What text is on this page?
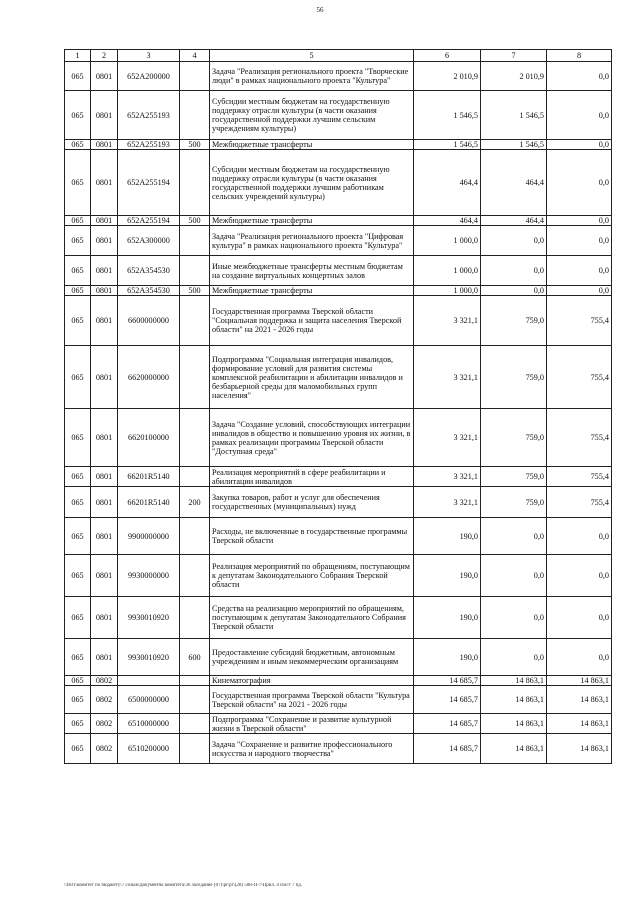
56
1	2	3	4	5	6	7	8
065	0801	652A200000		Задача "Реализация регионального проекта "Творческие люди" в рамках национального проекта "Культура"	2 010,9	2 010,9	0,0
065	0801	652A255193		Субсидии местным бюджетам на государственную поддержку отрасли культуры (в части оказания государственной поддержки лучшим сельским учреждениям культуры)	1 546,5	1 546,5	0,0
065	0801	652A255193	500	Межбюджетные трансферты	1 546,5	1 546,5	0,0
065	0801	652A255194		Субсидии местным бюджетам на государственную поддержку отрасли культуры (в части оказания государственной поддержки лучшим работникам сельских учреждений культуры)	464,4	464,4	0,0
065	0801	652A255194	500	Межбюджетные трансферты	464,4	464,4	0,0
065	0801	652A300000		Задача "Реализация регионального проекта "Цифровая культура" в рамках национального проекта "Культура"	1 000,0	0,0	0,0
065	0801	652A354530		Иные межбюджетные трансферты местным бюджетам на создание виртуальных концертных залов	1 000,0	0,0	0,0
065	0801	652A354530	500	Межбюджетные трансферты	1 000,0	0,0	0,0
065	0801	6600000000		Государственная программа Тверской области "Социальная поддержка и защита населения Тверской области" на 2021 - 2026 годы	3 321,1	759,0	755,4
065	0801	6620000000		Подпрограмма "Социальная интеграция инвалидов, формирование условий для развития системы комплексной реабилитации и абилитации инвалидов и безбарьерной среды для маломобильных групп населения"	3 321,1	759,0	755,4
065	0801	6620100000		Задача "Создание условий, способствующих интеграции инвалидов в общество и повышению уровня их жизни, в рамках реализации программы Тверской области "Доступная среда"	3 321,1	759,0	755,4
065	0801	66201R5140		Реализация мероприятий в сфере реабилитации и абилитации инвалидов	3 321,1	759,0	755,4
065	0801	66201R5140	200	Закупка товаров, работ и услуг для обеспечения государственных (муниципальных) нужд	3 321,1	759,0	755,4
065	0801	9900000000		Расходы, не включенные в государственные программы Тверской области	190,0	0,0	0,0
065	0801	9930000000		Реализация мероприятий по обращениям, поступающим к депутатам Законодательного Собрания Тверской области	190,0	0,0	0,0
065	0801	9930010920		Средства на реализацию мероприятий по обращениям, поступающим к депутатам Законодательного Собрания Тверской области	190,0	0,0	0,0
065	0801	9930010920	600	Предоставление субсидий бюджетным, автономным учреждениям и иным некоммерческим организациям	190,0	0,0	0,0
065	0802			Кинематография	14 685,7	14 863,1	14 863,1
065	0802	6500000000		Государственная программа Тверской области "Культура Тверской области" на 2021 - 2026 годы	14 685,7	14 863,1	14 863,1
065	0802	6510000000		Подпрограмма "Сохранение и развитие культурной жизни в Тверской области"	14 685,7	14 863,1	14 863,1
065	0802	6510200000		Задача "Сохранение и развитие профессионального искусства и народного творчества"	14 685,7	14 863,1	14 863,1
\\fs01\комитет по бюджету\7 созыв\Документы комитета\36 заседание (07)\pr\pr\(28) 508-П-7\Прил. 4 Пост 7 бд.
